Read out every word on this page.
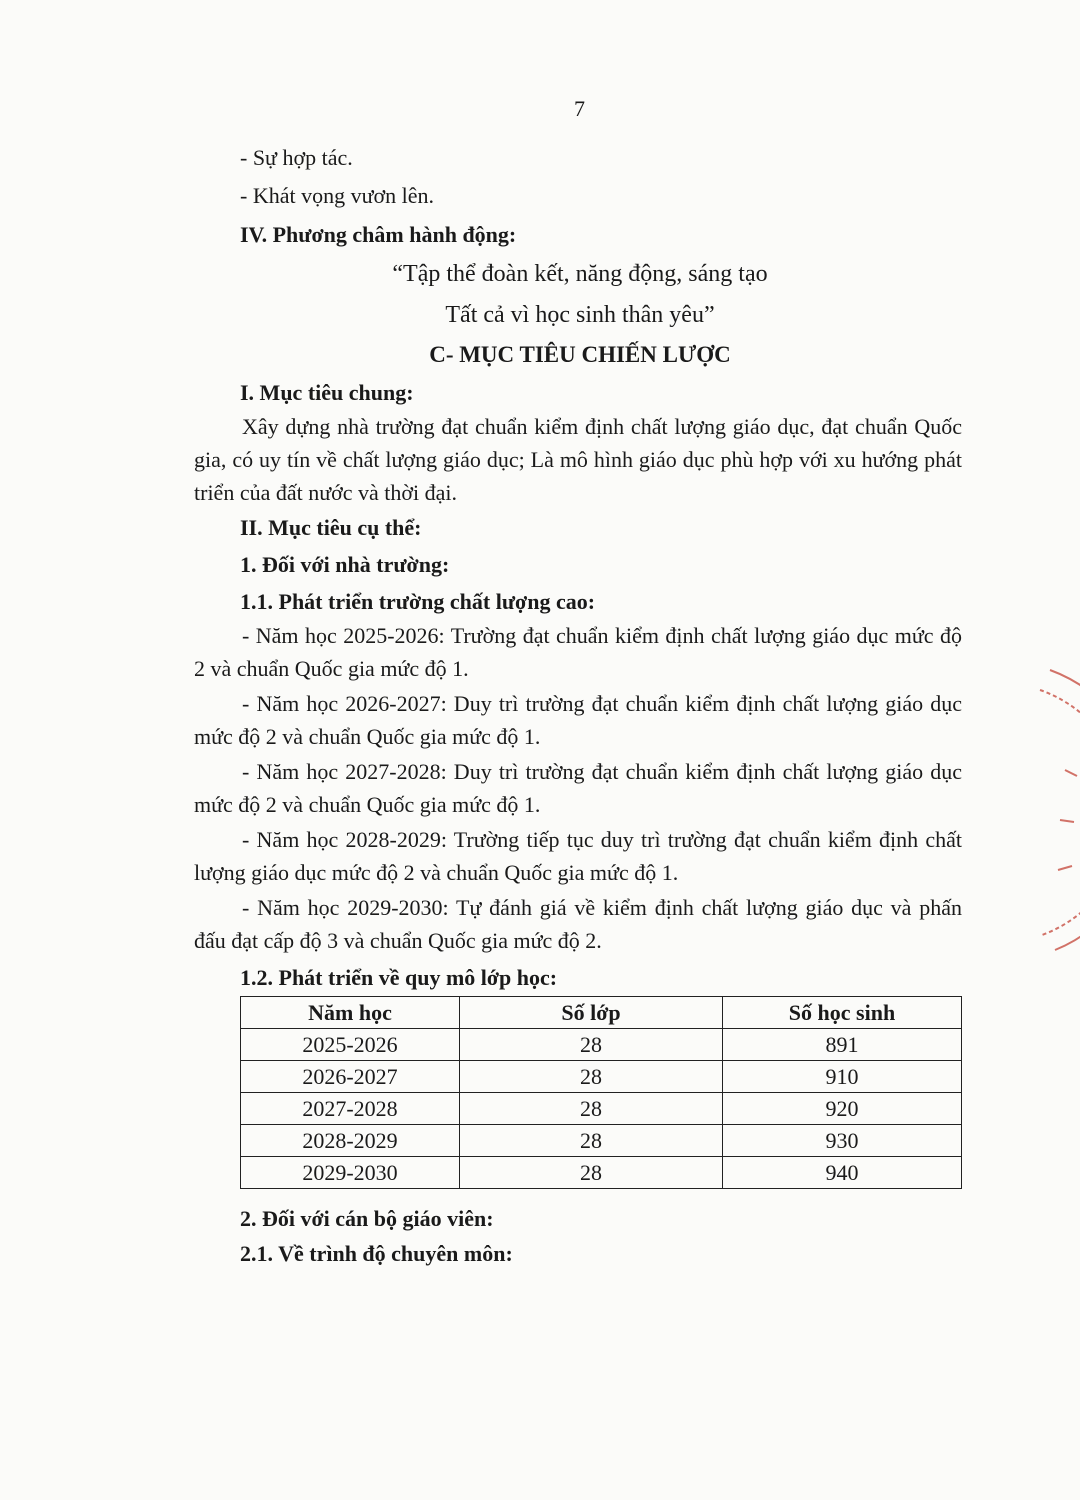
7
- Sự hợp tác.
- Khát vọng vươn lên.
IV. Phương châm hành động:
“Tập thể đoàn kết, năng động, sáng tạo
Tất cả vì học sinh thân yêu”
C- MỤC TIÊU CHIẾN LƯỢC
I. Mục tiêu chung:
Xây dựng nhà trường đạt chuẩn kiểm định chất lượng giáo dục, đạt chuẩn Quốc gia, có uy tín về chất lượng giáo dục; Là mô hình giáo dục phù hợp với xu hướng phát triển của đất nước và thời đại.
II. Mục tiêu cụ thể:
1. Đối với nhà trường:
1.1. Phát triển trường chất lượng cao:
- Năm học 2025-2026: Trường đạt chuẩn kiểm định chất lượng giáo dục mức độ 2 và chuẩn Quốc gia mức độ 1.
- Năm học 2026-2027: Duy trì trường đạt chuẩn kiểm định chất lượng giáo dục mức độ 2 và chuẩn Quốc gia mức độ 1.
- Năm học 2027-2028: Duy trì trường đạt chuẩn kiểm định chất lượng giáo dục mức độ 2 và chuẩn Quốc gia mức độ 1.
- Năm học 2028-2029: Trường tiếp tục duy trì trường đạt chuẩn kiểm định chất lượng giáo dục mức độ 2 và chuẩn Quốc gia mức độ 1.
- Năm học 2029-2030: Tự đánh giá về kiểm định chất lượng giáo dục và phấn đấu đạt cấp độ 3 và chuẩn Quốc gia mức độ 2.
1.2. Phát triển về quy mô lớp học:
Năm học	Số lớp	Số học sinh
2025-2026	28	891
2026-2027	28	910
2027-2028	28	920
2028-2029	28	930
2029-2030	28	940
2. Đối với cán bộ giáo viên:
2.1. Về trình độ chuyên môn:
